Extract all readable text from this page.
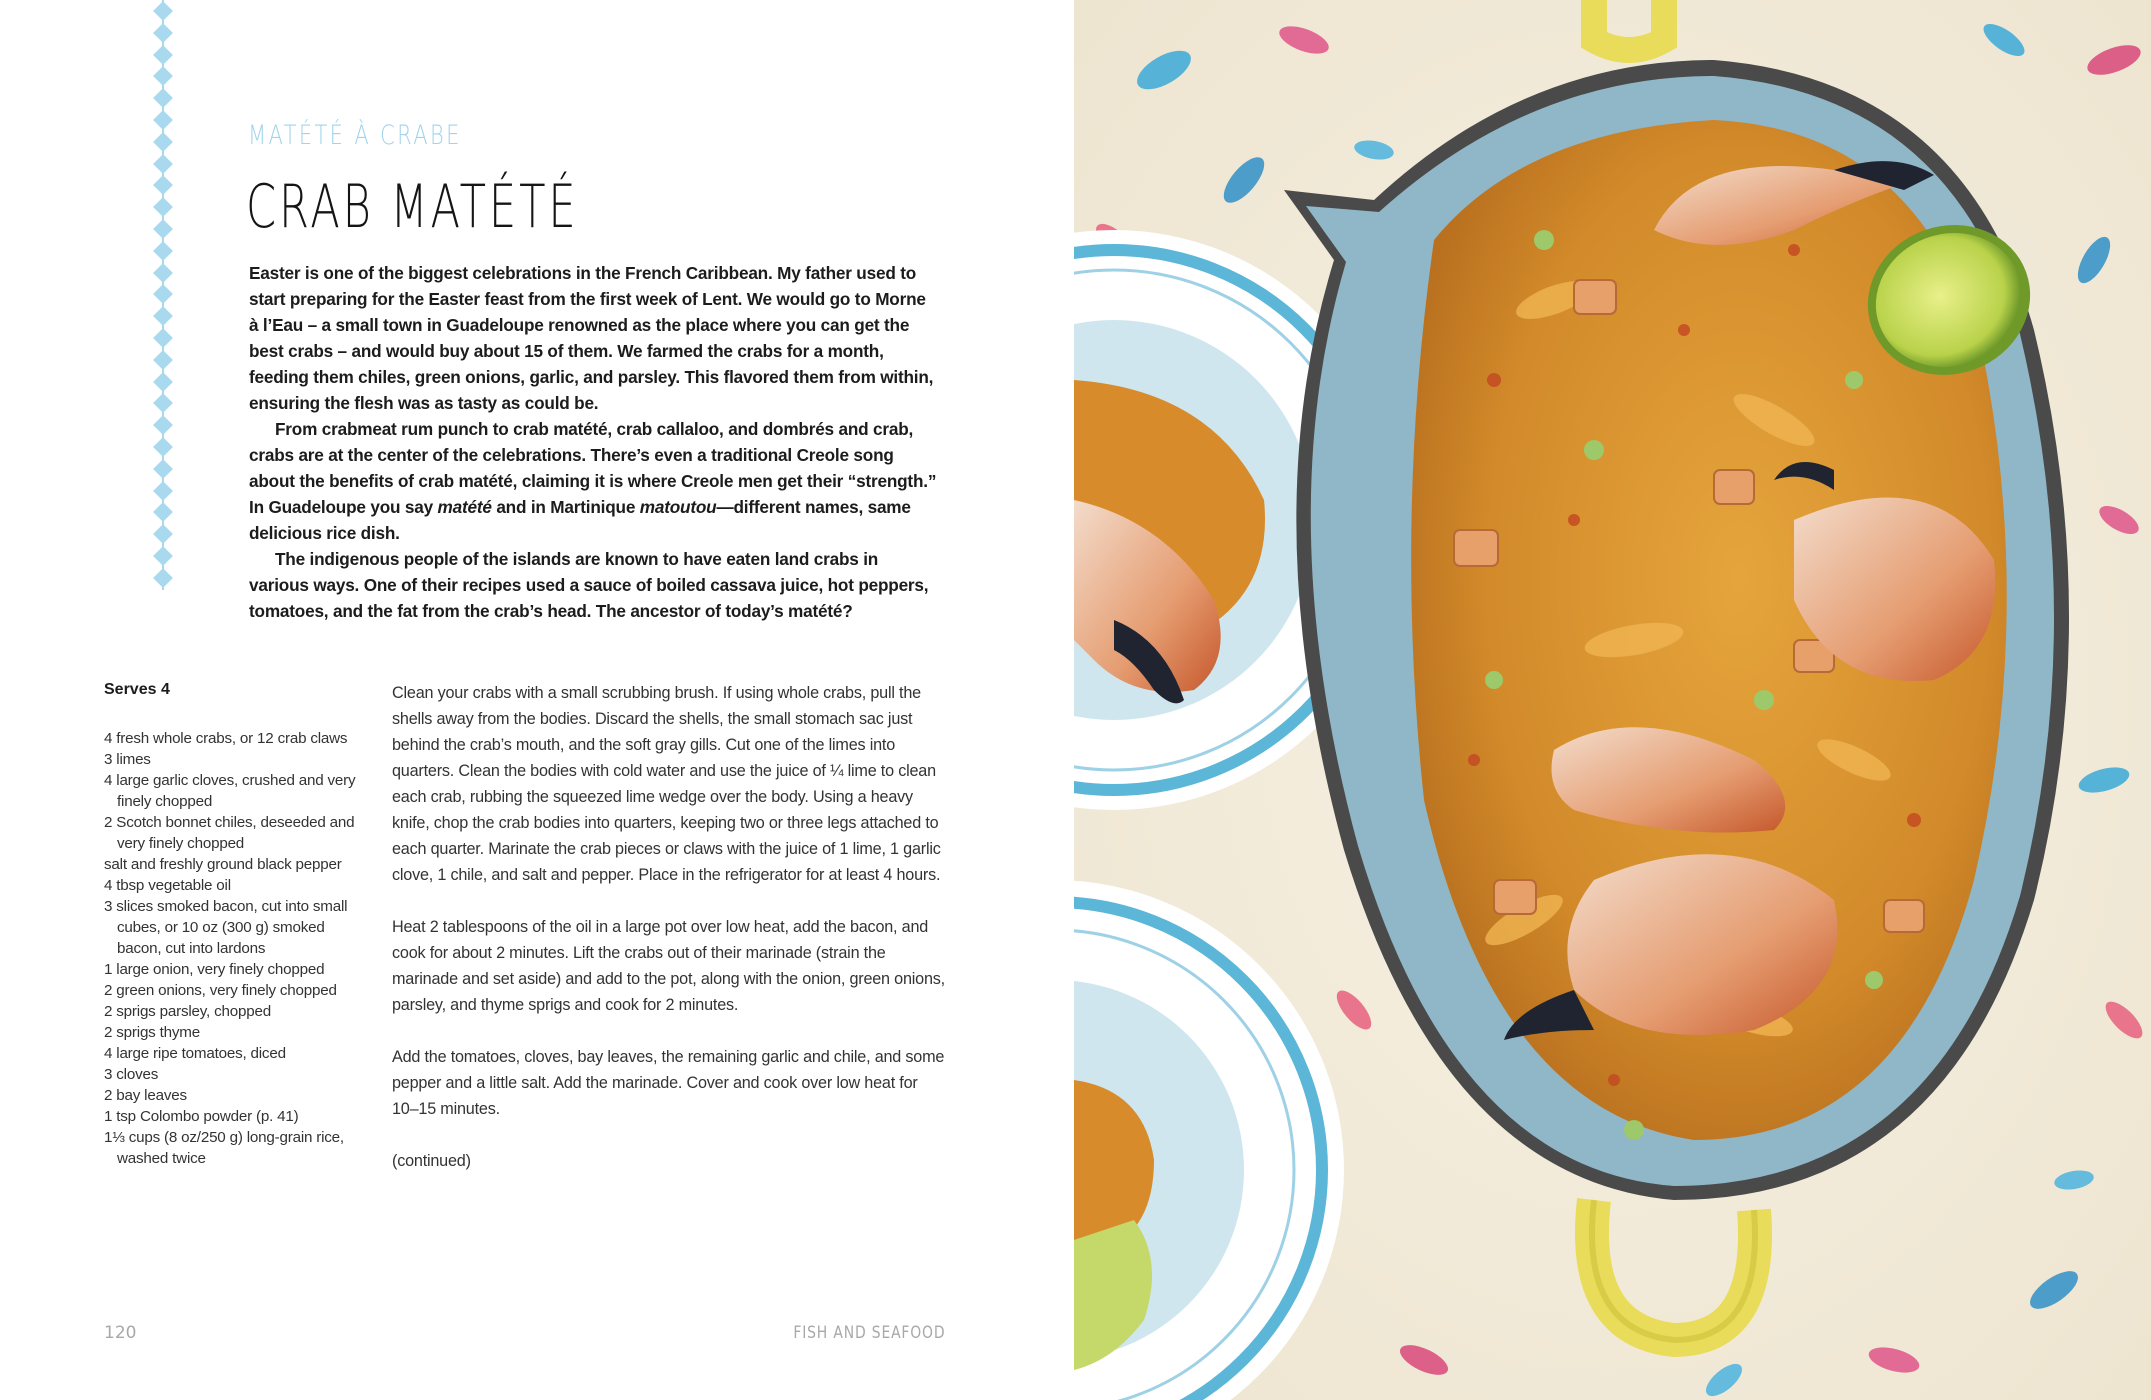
MATÉTÉ À CRABE
CRAB MATÉTÉ

Easter is one of the biggest celebrations in the French Caribbean. My father used to start preparing for the Easter feast from the first week of Lent. We would go to Morne à l’Eau – a small town in Guadeloupe renowned as the place where you can get the best crabs – and would buy about 15 of them. We farmed the crabs for a month, feeding them chiles, green onions, garlic, and parsley. This flavored them from within, ensuring the flesh was as tasty as could be.

From crabmeat rum punch to crab matété, crab callaloo, and dombrés and crab, crabs are at the center of the celebrations. There’s even a traditional Creole song about the benefits of crab matété, claiming it is where Creole men get their “strength.” In Guadeloupe you say matété and in Martinique matoutou—different names, same delicious rice dish.

The indigenous people of the islands are known to have eaten land crabs in various ways. One of their recipes used a sauce of boiled cassava juice, hot peppers, tomatoes, and the fat from the crab’s head. The ancestor of today’s matété?

Serves 4

4 fresh whole crabs, or 12 crab claws
3 limes
4 large garlic cloves, crushed and very finely chopped
2 Scotch bonnet chiles, deseeded and very finely chopped
salt and freshly ground black pepper
4 tbsp vegetable oil
3 slices smoked bacon, cut into small cubes, or 10 oz (300 g) smoked bacon, cut into lardons
1 large onion, very finely chopped
2 green onions, very finely chopped
2 sprigs parsley, chopped
2 sprigs thyme
4 large ripe tomatoes, diced
3 cloves
2 bay leaves
1 tsp Colombo powder (p. 41)
1⅓ cups (8 oz/250 g) long-grain rice, washed twice

Clean your crabs with a small scrubbing brush. If using whole crabs, pull the shells away from the bodies. Discard the shells, the small stomach sac just behind the crab’s mouth, and the soft gray gills. Cut one of the limes into quarters. Clean the bodies with cold water and use the juice of ¼ lime to clean each crab, rubbing the squeezed lime wedge over the body. Using a heavy knife, chop the crab bodies into quarters, keeping two or three legs attached to each quarter. Marinate the crab pieces or claws with the juice of 1 lime, 1 garlic clove, 1 chile, and salt and pepper. Place in the refrigerator for at least 4 hours.

Heat 2 tablespoons of the oil in a large pot over low heat, add the bacon, and cook for about 2 minutes. Lift the crabs out of their marinade (strain the marinade and set aside) and add to the pot, along with the onion, green onions, parsley, and thyme sprigs and cook for 2 minutes.

Add the tomatoes, cloves, bay leaves, the remaining garlic and chile, and some pepper and a little salt. Add the marinade. Cover and cook over low heat for 10–15 minutes.

(continued)

120	FISH AND SEAFOOD
